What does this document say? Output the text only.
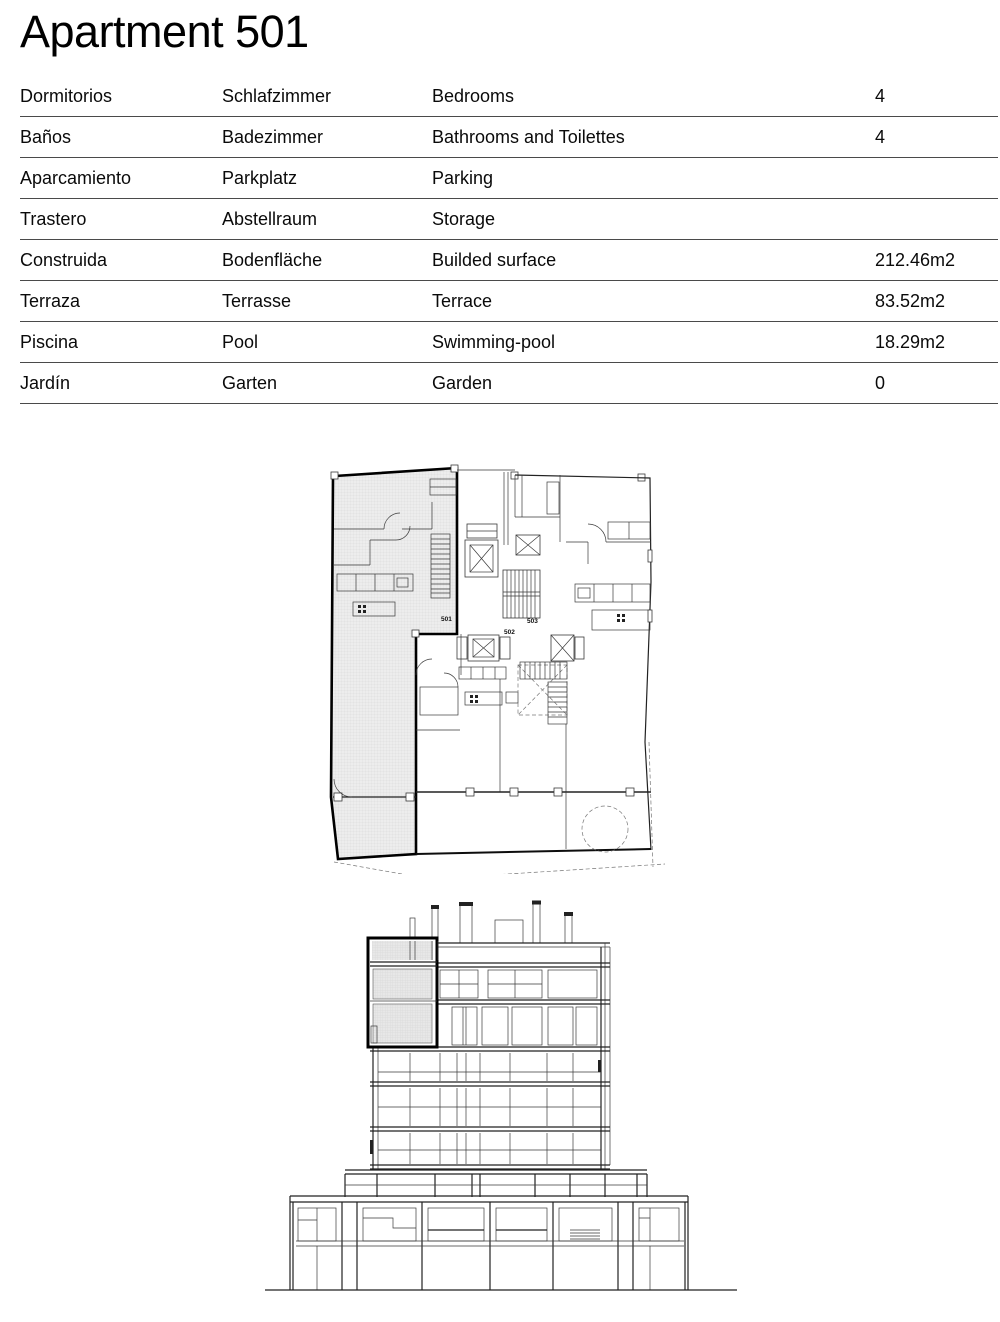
Apartment 501
Dormitorios	Schlafzimmer	Bedrooms	4
Baños	Badezimmer	Bathrooms and Toilettes	4
Aparcamiento	Parkplatz	Parking
Trastero	Abstellraum	Storage
Construida	Bodenfläche	Builded surface	212.46m2
Terraza	Terrasse	Terrace	83.52m2
Piscina	Pool	Swimming-pool	18.29m2
Jardín	Garten	Garden	0
501
502
503
